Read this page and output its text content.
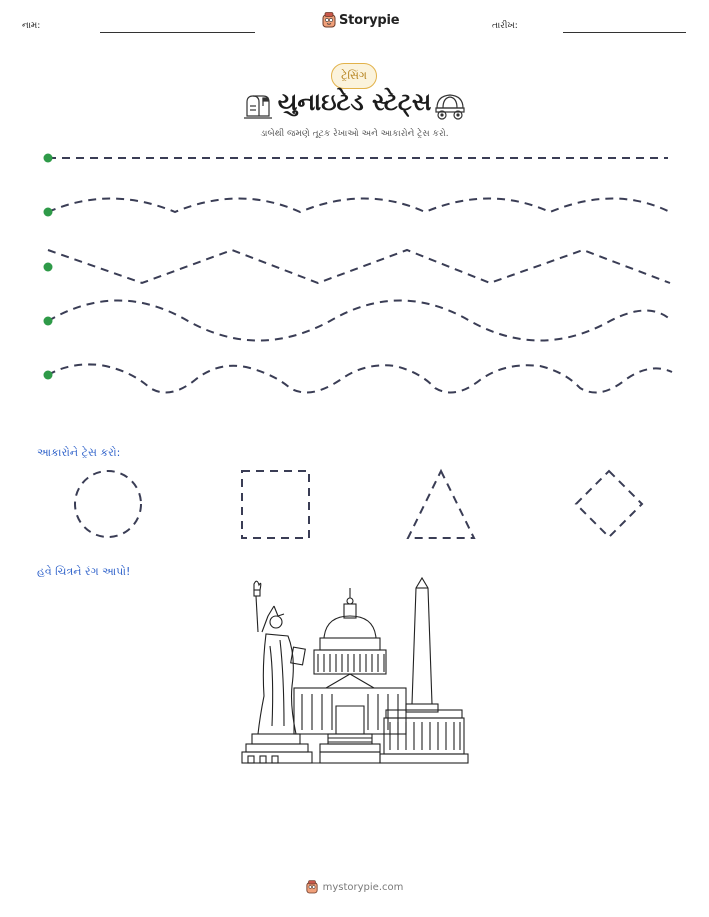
નામ:	Storypie	તારીખ:
ટ્રેસિંગ
યુનાઇટેડ સ્ટેટ્સ
ડાબેથી જમણે તૂટક રેખાઓ અને આકારોને ટ્રેસ કરો.
આકારોને ટ્રેસ કરો:
હવે ચિત્રને રંગ આપો!
mystorypie.com
